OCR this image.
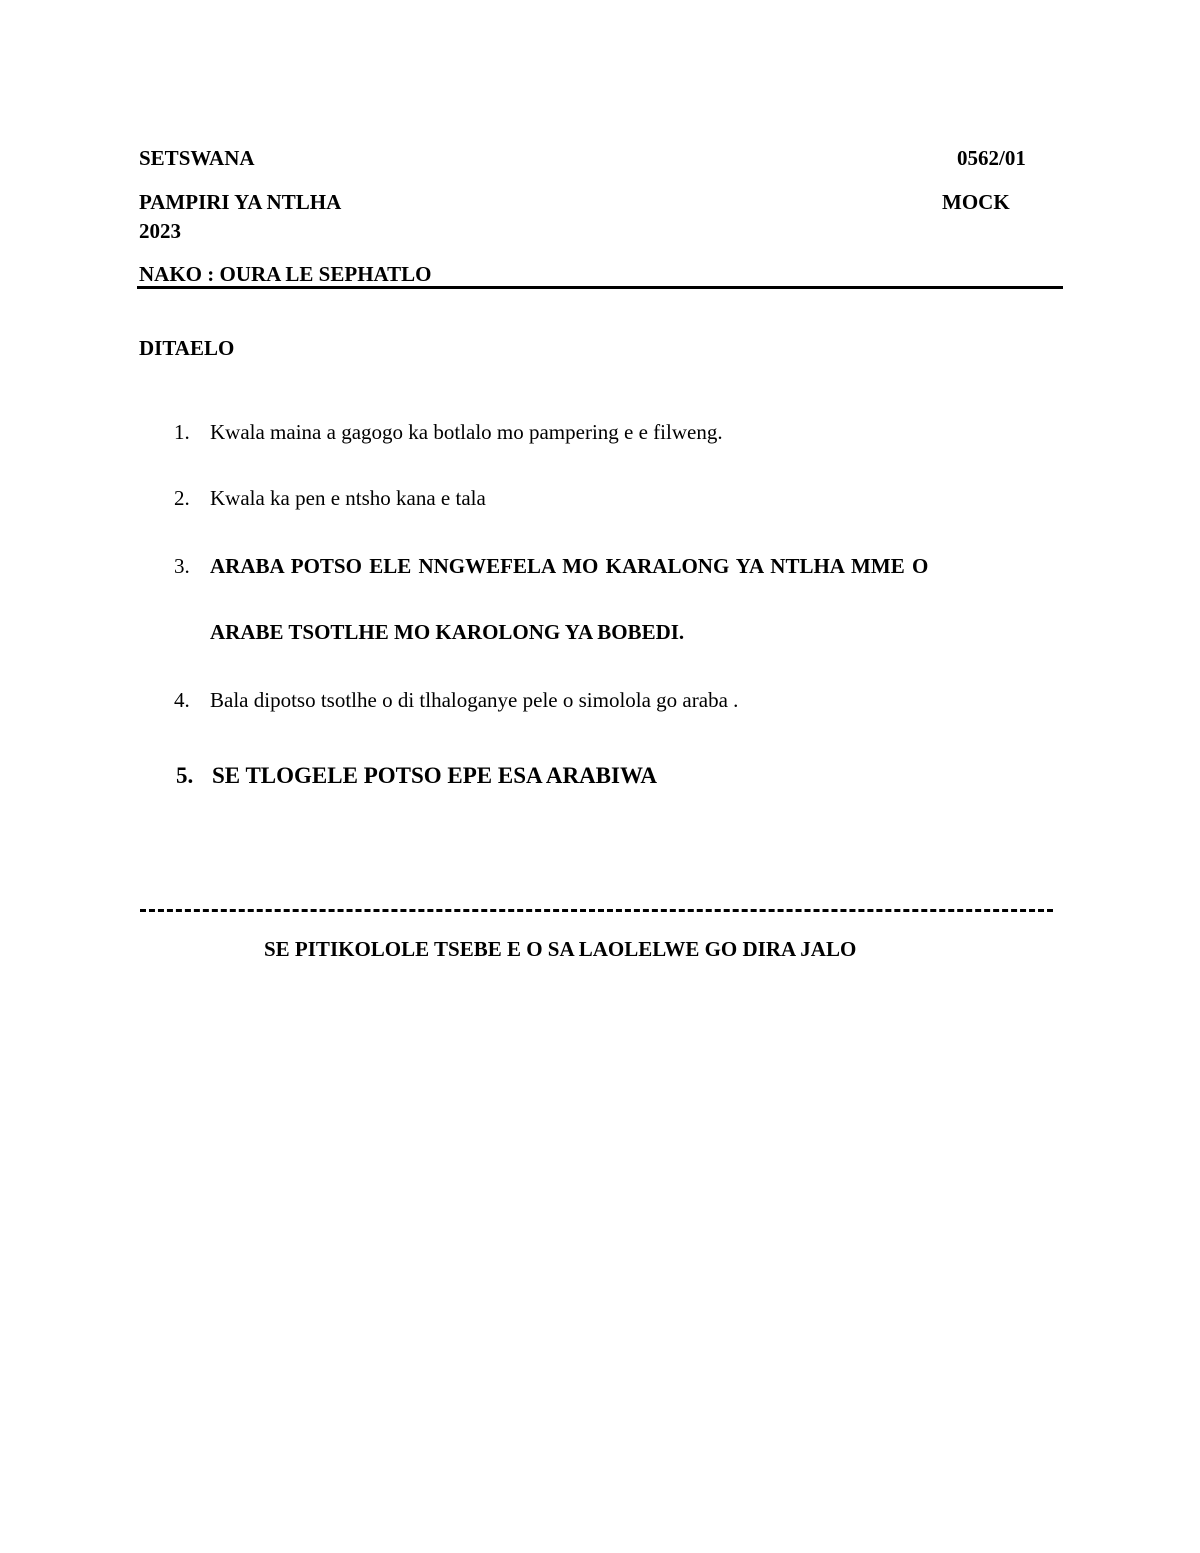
SETSWANA	0562/01
PAMPIRI YA NTLHA	MOCK
2023
NAKO : OURA LE SEPHATLO
DITAELO
1. Kwala maina a gagogo ka botlalo mo pampering e e filweng.
2. Kwala ka pen e ntsho kana e tala
3. ARABA POTSO ELE NNGWEFELA MO KARALONG YA NTLHA MME O
ARABE TSOTLHE MO KAROLONG YA BOBEDI.
4. Bala dipotso tsotlhe o di tlhaloganye pele o simolola go araba .
5. SE TLOGELE POTSO EPE ESA ARABIWA
SE PITIKOLOLE TSEBE E O SA LAOLELWE GO DIRA JALO
